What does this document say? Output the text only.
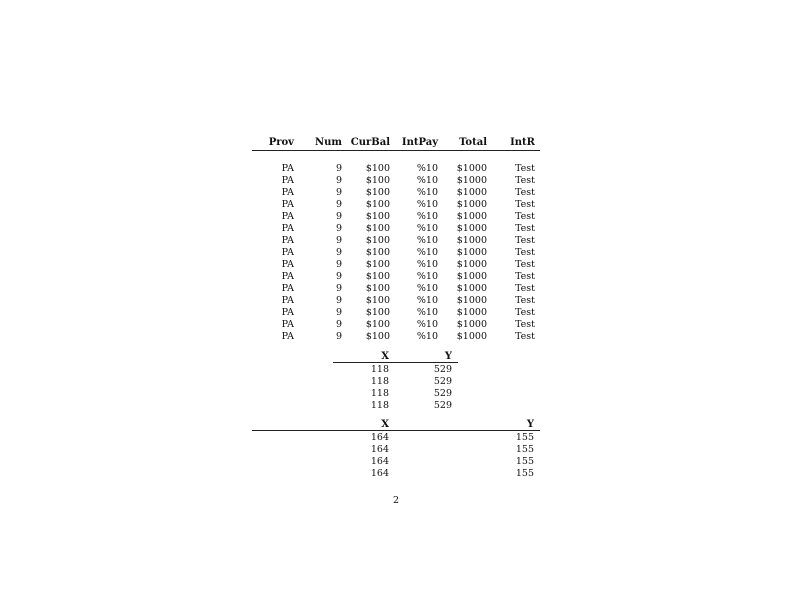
Prov	Num CurBal	IntPay	Total	IntR
PA	9	$100	%10	$1000	Test
PA	9	$100	%10	$1000	Test
PA	9	$100	%10	$1000	Test
PA	9	$100	%10	$1000	Test
PA	9	$100	%10	$1000	Test
PA	9	$100	%10	$1000	Test
PA	9	$100	%10	$1000	Test
PA	9	$100	%10	$1000	Test
PA	9	$100	%10	$1000	Test
PA	9	$100	%10	$1000	Test
PA	9	$100	%10	$1000	Test
PA	9	$100	%10	$1000	Test
PA	9	$100	%10	$1000	Test
PA	9	$100	%10	$1000	Test
PA	9	$100	%10	$1000	Test
X	Y
118	529
118	529
118	529
118	529
X	Y
164	155
164	155
164	155
164	155
2
